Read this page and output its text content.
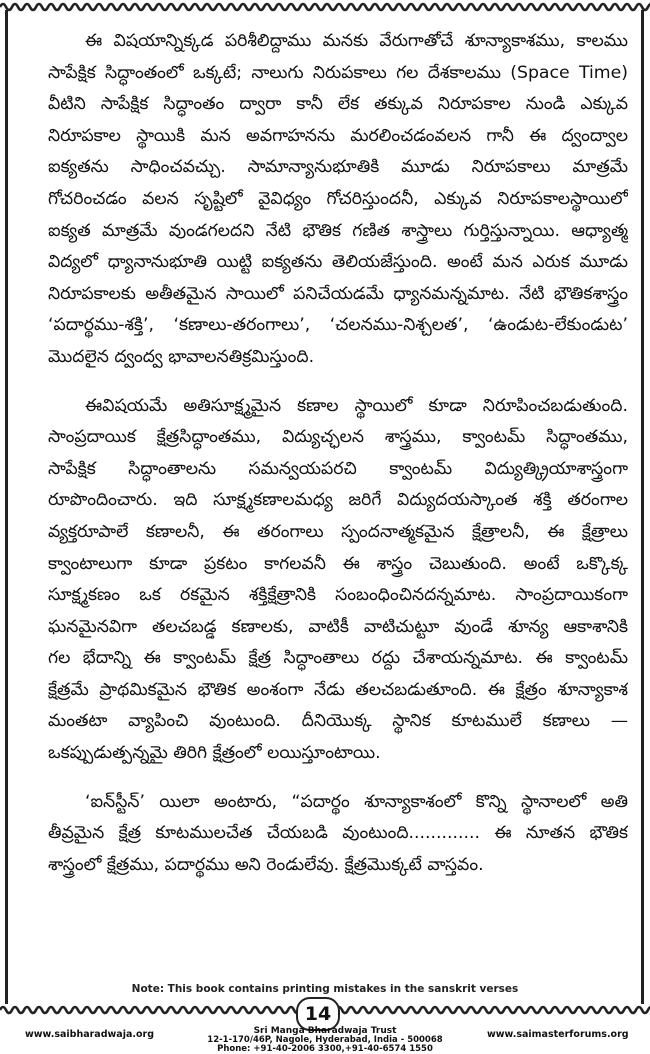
ఈ విషయాన్నిక్కడ పరిశీలిద్దాము మనకు వేరుగాతోచే శూన్యాకాశము, కాలము
సాపేక్షిక సిద్ధాంతంలో ఒక్కటే; నాలుగు నిరుపకాలు గల దేశకాలము (Space Time)
వీటిని సాపేక్షిక సిద్ధాంతం ద్వారా కానీ లేక తక్కువ నిరూపకాల నుండి ఎక్కువ
నిరూపకాల స్థాయికి మన అవగాహనను మరలించడంవలన గానీ ఈ ద్వంద్వాల
ఐక్యతను సాధించవచ్చు. సామాన్యానుభూతికి మూడు నిరూపకాలు మాత్రమే
గోచరించడం వలన సృష్టిలో వైవిధ్యం గోచరిస్తుందనీ, ఎక్కువ నిరూపకాలస్థాయిలో
ఐక్యత మాత్రమే వుండగలదని నేటి భౌతిక గణిత శాస్త్రాలు గుర్తిస్తున్నాయి. ఆధ్యాత్మ
విద్యలో ధ్యానానుభూతి యిట్టి ఐక్యతను తెలియజేస్తుంది. అంటే మన ఎరుక మూడు
నిరూపకాలకు అతీతమైన సాయిలో పనిచేయడమే ధ్యానమన్నమాట. నేటి భౌతికశాస్త్రం
‘పదార్థము-శక్తి’, ‘కణాలు-తరంగాలు’, ‘చలనము-నిశ్చలత’, ‘ఉండుట-లేకుండుట’
మొదలైన ద్వంద్వ భావాలనతిక్రమిస్తుంది.
ఈవిషయమే అతిసూక్ష్మమైన కణాల స్థాయిలో కూడా నిరూపించబడుతుంది.
సాంప్రదాయిక క్షేత్రసిద్ధాంతము, విద్యుచ్ఛలన శాస్త్రము, క్వాంటమ్ సిద్ధాంతము,
సాపేక్షిక సిద్ధాంతాలను సమన్వయపరచి క్వాంటమ్ విద్యుత్క్రియాశాస్త్రంగా
రూపొందించారు. ఇది సూక్ష్మకణాలమధ్య జరిగే విద్యుదయస్కాంత శక్తి తరంగాల
వ్యక్తరూపాలే కణాలనీ, ఈ తరంగాలు స్పందనాత్మకమైన క్షేత్రాలనీ, ఈ క్షేత్రాలు
క్వాంటాలుగా కూడా ప్రకటం కాగలవనీ ఈ శాస్త్రం చెబుతుంది. అంటే ఒక్కొక్క
సూక్ష్మకణం ఒక రకమైన శక్తిక్షేత్రానికి సంబంధించినదన్నమాట. సాంప్రదాయికంగా
ఘనమైనవిగా తలచబడ్డ కణాలకు, వాటికీ వాటిచుట్టూ వుండే శూన్య ఆకాశానికి
గల భేదాన్ని ఈ క్వాంటమ్ క్షేత్ర సిద్ధాంతాలు రద్దు చేశాయన్నమాట. ఈ క్వాంటమ్
క్షేత్రమే ప్రాథమికమైన భౌతిక అంశంగా నేడు తలచబడుతూంది. ఈ క్షేత్రం శూన్యాకాశ
మంతటా వ్యాపించి వుంటుంది. దీనియొక్క స్థానిక కూటములే కణాలు —
ఒకప్పుడుత్పన్నమై తిరిగి క్షేత్రంలో లయిస్తూంటాయి.
‘ఐన్‌స్టీన్’ యిలా అంటారు, “పదార్థం శూన్యాకాశంలో కొన్ని స్థానాలలో అతి
తీవ్రమైన క్షేత్ర కూటములచేత చేయబడి వుంటుంది............. ఈ నూతన భౌతిక
శాస్త్రంలో క్షేత్రము, పదార్థము అని రెండులేవు. క్షేత్రమొక్కటే వాస్తవం.
Note: This book contains printing mistakes in the sanskrit verses
14
www.saibharadwaja.org	Sri Manga Bharadwaja Trust
12-1-170/46P, Nagole, Hyderabad, India - 500068
Phone: +91-40-2006 3300,+91-40-6574 1550
www.saimasterforums.org
